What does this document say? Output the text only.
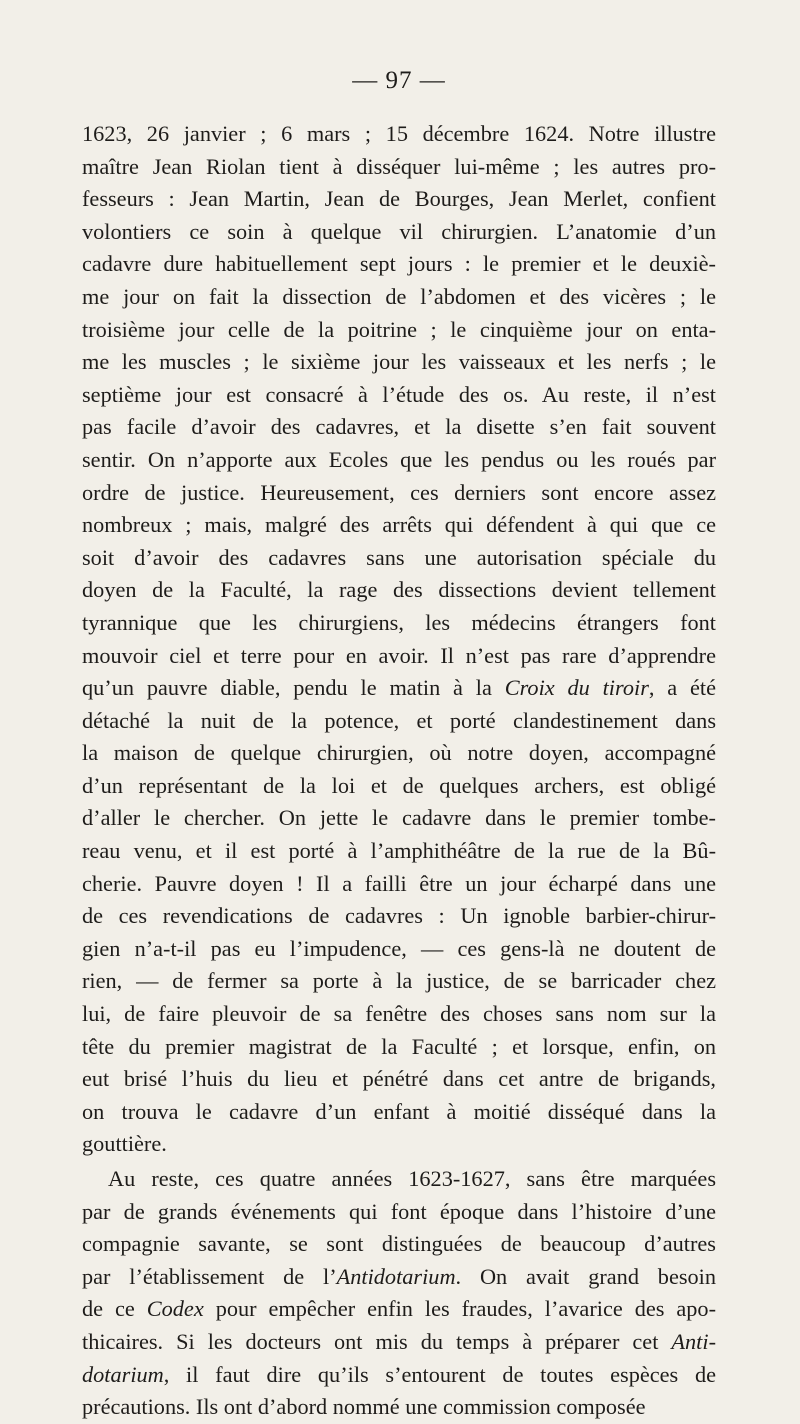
— 97 —

1623, 26 janvier ; 6 mars ; 15 décembre 1624. Notre illustre
maître Jean Riolan tient à disséquer lui-même ; les autres pro-
fesseurs : Jean Martin, Jean de Bourges, Jean Merlet, confient
volontiers ce soin à quelque vil chirurgien. L’anatomie d’un
cadavre dure habituellement sept jours : le premier et le deuxiè-
me jour on fait la dissection de l’abdomen et des vicères ; le
troisième jour celle de la poitrine ; le cinquième jour on enta-
me les muscles ; le sixième jour les vaisseaux et les nerfs ; le
septième jour est consacré à l’étude des os. Au reste, il n’est
pas facile d’avoir des cadavres, et la disette s’en fait souvent
sentir. On n’apporte aux Ecoles que les pendus ou les roués par
ordre de justice. Heureusement, ces derniers sont encore assez
nombreux ; mais, malgré des arrêts qui défendent à qui que ce
soit d’avoir des cadavres sans une autorisation spéciale du
doyen de la Faculté, la rage des dissections devient tellement
tyrannique que les chirurgiens, les médecins étrangers font
mouvoir ciel et terre pour en avoir. Il n’est pas rare d’apprendre
qu’un pauvre diable, pendu le matin à la Croix du tiroir, a été
détaché la nuit de la potence, et porté clandestinement dans
la maison de quelque chirurgien, où notre doyen, accompagné
d’un représentant de la loi et de quelques archers, est obligé
d’aller le chercher. On jette le cadavre dans le premier tombe-
reau venu, et il est porté à l’amphithéâtre de la rue de la Bû-
cherie. Pauvre doyen ! Il a failli être un jour écharpé dans une
de ces revendications de cadavres : Un ignoble barbier-chirur-
gien n’a-t-il pas eu l’impudence, — ces gens-là ne doutent de
rien, — de fermer sa porte à la justice, de se barricader chez
lui, de faire pleuvoir de sa fenêtre des choses sans nom sur la
tête du premier magistrat de la Faculté ; et lorsque, enfin, on
eut brisé l’huis du lieu et pénétré dans cet antre de brigands,
on trouva le cadavre d’un enfant à moitié disséqué dans la
gouttière.

Au reste, ces quatre années 1623-1627, sans être marquées
par de grands événements qui font époque dans l’histoire d’une
compagnie savante, se sont distinguées de beaucoup d’autres
par l’établissement de l’Antidotarium. On avait grand besoin
de ce Codex pour empêcher enfin les fraudes, l’avarice des apo-
thicaires. Si les docteurs ont mis du temps à préparer cet Anti-
dotarium, il faut dire qu’ils s’entourent de toutes espèces de
précautions. Ils ont d’abord nommé une commission composée
